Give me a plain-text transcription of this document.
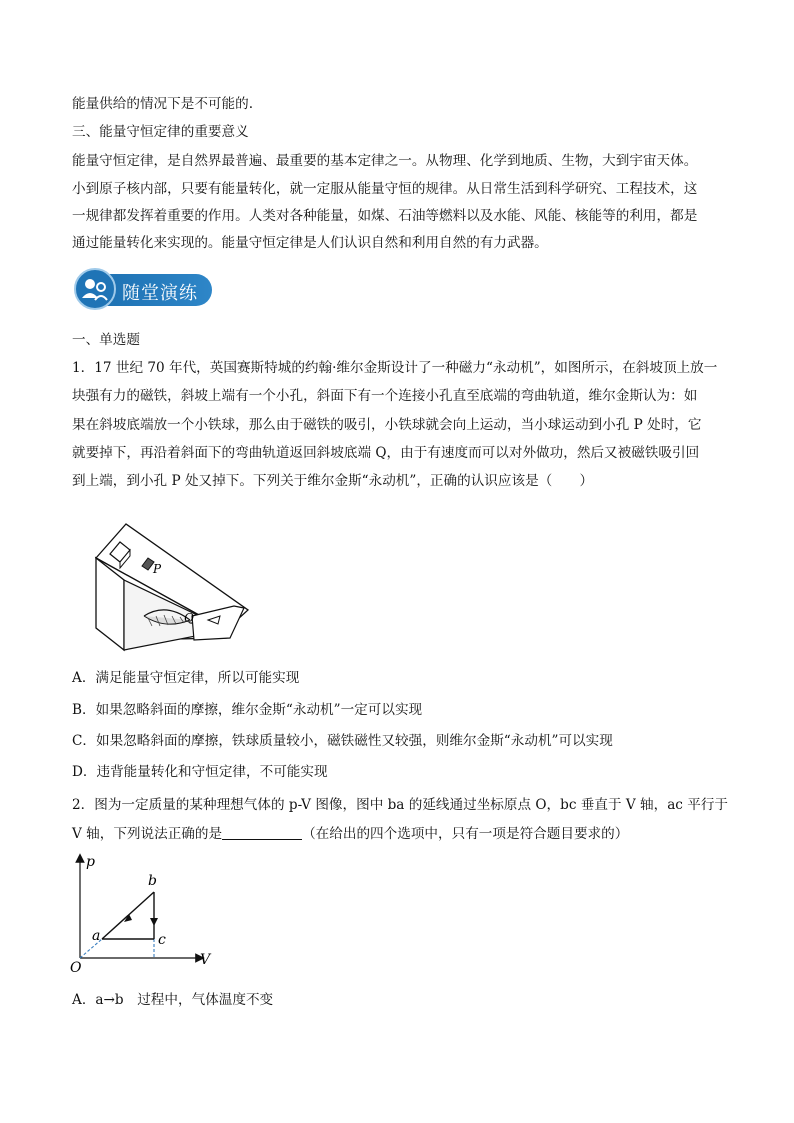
能量供给的情况下是不可能的.
三、能量守恒定律的重要意义
能量守恒定律，是自然界最普遍、最重要的基本定律之一。从物理、化学到地质、生物，大到宇宙天体。
小到原子核内部，只要有能量转化，就一定服从能量守恒的规律。从日常生活到科学研究、工程技术，这
一规律都发挥着重要的作用。人类对各种能量，如煤、石油等燃料以及水能、风能、核能等的利用，都是
通过能量转化来实现的。能量守恒定律是人们认识自然和利用自然的有力武器。
随堂演练
一、单选题
1．17 世纪 70 年代，英国赛斯特城的约翰·维尔金斯设计了一种磁力“永动机”，如图所示，在斜坡顶上放一
块强有力的磁铁，斜坡上端有一个小孔，斜面下有一个连接小孔直至底端的弯曲轨道，维尔金斯认为：如
果在斜坡底端放一个小铁球，那么由于磁铁的吸引，小铁球就会向上运动，当小球运动到小孔 P 处时，它
就要掉下，再沿着斜面下的弯曲轨道返回斜坡底端 Q，由于有速度而可以对外做功，然后又被磁铁吸引回
到上端，到小孔 P 处又掉下。下列关于维尔金斯“永动机”，正确的认识应该是（　　）
P
Q
A．满足能量守恒定律，所以可能实现
B．如果忽略斜面的摩擦，维尔金斯“永动机”一定可以实现
C．如果忽略斜面的摩擦，铁球质量较小，磁铁磁性又较强，则维尔金斯“永动机”可以实现
D．违背能量转化和守恒定律，不可能实现
2．图为一定质量的某种理想气体的 p-V 图像，图中 ba 的延线通过坐标原点 O，bc 垂直于 V 轴，ac 平行于
V 轴，下列说法正确的是	（在给出的四个选项中，只有一项是符合题目要求的）
p
V
O
a
b
c
A．a→b　过程中，气体温度不变
